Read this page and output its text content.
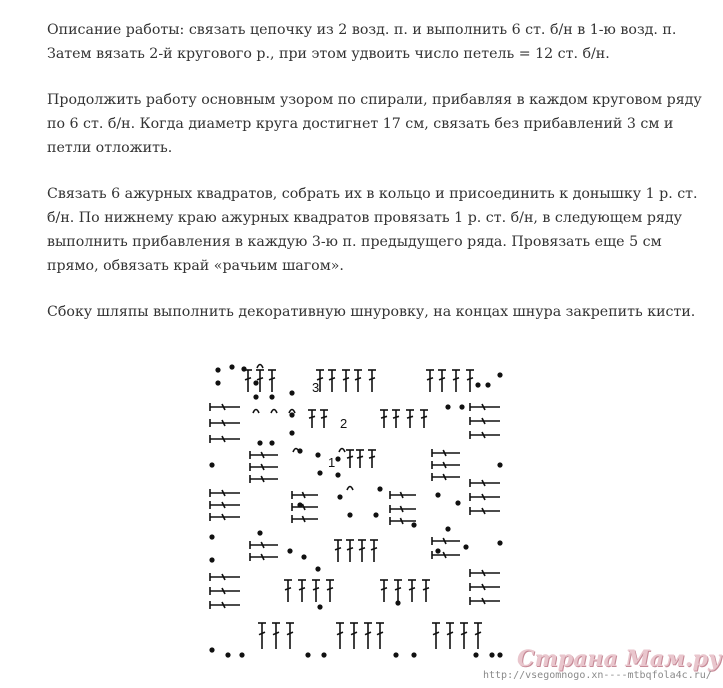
Описание работы: связать цепочку из 2 возд. п. и выполнить 6 ст. б/н в 1-ю возд. п.
Затем вязать 2-й кругового р., при этом удвоить число петель = 12 ст. б/н.

Продолжить работу основным узором по спирали, прибавляя в каждом круговом ряду
по 6 ст. б/н. Когда диаметр круга достигнет 17 см, связать без прибавлений 3 см и
петли отложить.

Связать 6 ажурных квадратов, собрать их в кольцо и присоединить к донышку 1 р. ст.
б/н. По нижнему краю ажурных квадратов провязать 1 р. ст. б/н, в следующем ряду
выполнить прибавления в каждую 3-ю п. предыдущего ряда. Провязать еще 5 см
прямо, обвязать край «рачьим шагом».

Сбоку шляпы выполнить декоративную шнуровку, на концах шнура закрепить кисти.

1
2
3
Страна Мам.ру
http://vsegomnogo.xn----mtbqfola4c.ru/
